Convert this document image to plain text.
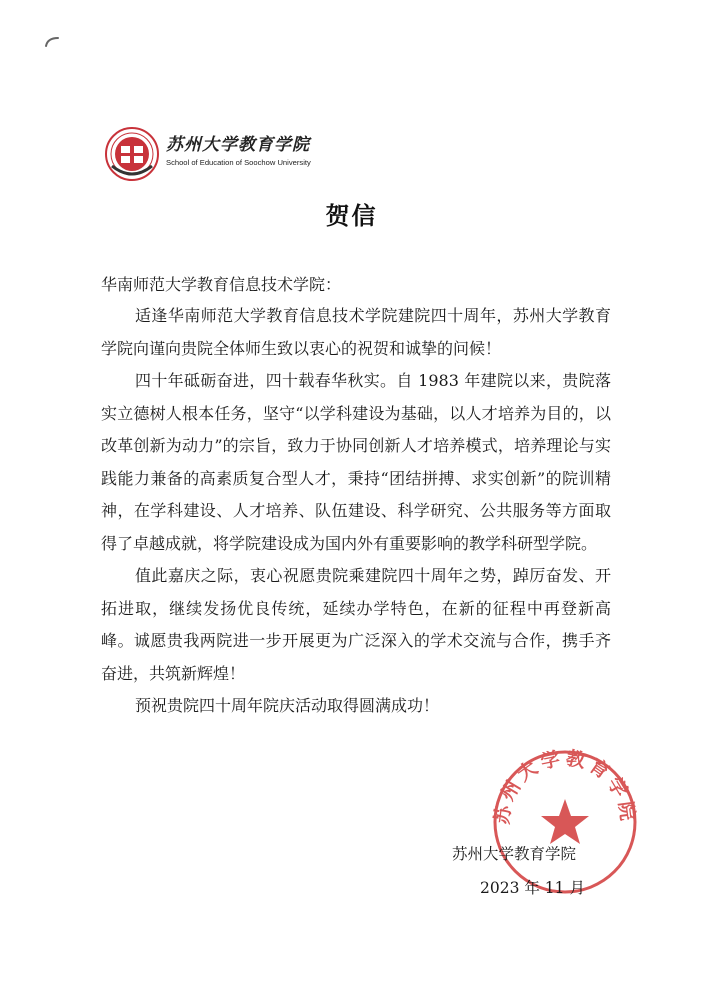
苏州大学教育学院
School of Education of Soochow University
贺信
华南师范大学教育信息技术学院：

适逢华南师范大学教育信息技术学院建院四十周年，苏州大学教育学院向谨向贵院全体师生致以衷心的祝贺和诚挚的问候！

四十年砥砺奋进，四十载春华秋实。自 1983 年建院以来，贵院落实立德树人根本任务，坚守“以学科建设为基础，以人才培养为目的，以改革创新为动力”的宗旨，致力于协同创新人才培养模式，培养理论与实践能力兼备的高素质复合型人才，秉持“团结拼搏、求实创新”的院训精神，在学科建设、人才培养、队伍建设、科学研究、公共服务等方面取得了卓越成就，将学院建设成为国内外有重要影响的教学科研型学院。

值此嘉庆之际，衷心祝愿贵院乘建院四十周年之势，踔厉奋发、开拓进取，继续发扬优良传统，延续办学特色，在新的征程中再登新高峰。诚愿贵我两院进一步开展更为广泛深入的学术交流与合作，携手齐奋进，共筑新辉煌！

预祝贵院四十周年院庆活动取得圆满成功！

苏州大学教育学院
苏州大学教育学院
2023 年 11 月
